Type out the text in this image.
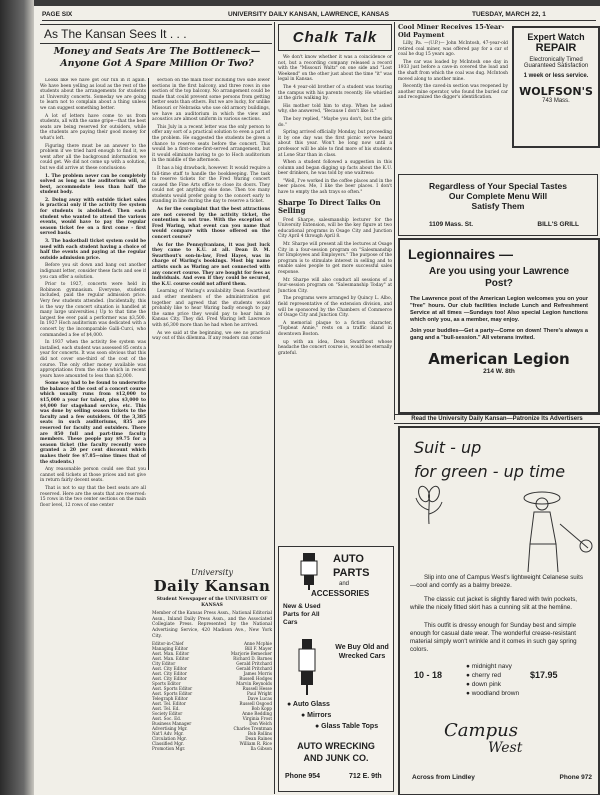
PAGE SIX	UNIVERSITY DAILY KANSAN, LAWRENCE, KANSAS	TUESDAY, MARCH 22, 1
As The Kansan Sees It . . .
Money and Seats Are The Bottleneck— Anyone Got A Spare Million Or Two?

Looks like we have got our fun in it again. We have been yelling as loud as the rest of the students about the arrangements for students at University concerts. Someday we are going to learn not to complain about a thing unless we can suggest something better.

A lot of letters have come to us from students, all with the same gripe—that the best seats are being reserved for outsiders, while the students are paying their good money for what's left.

Figuring there must be an answer to the problem if we tried hard enough to find it, we went after all the background information we could get. We did not come up with a solution, but we did arrive at these conclusions:

1. The problem never can be completely solved as long as the auditorium will, at best, accommodate less than half the student body.

2. Doing away with outside ticket sales is practical only if the activity fee system for students is abolished. Then each student who wanted to attend the various events, would have to pay the regular season ticket fee on a first come - first served basis.

3. The basketball ticket system could be used with each student having a choice of half the events and paying at the regular outside admission price.

Before you sit down and bang out another indignant letter, consider these facts and see if you can offer a solution.

Prior to 1927, concerts were held in Robinson gymnasium. Everyone, students included, paid the regular admission price. Very few students attended. (Incidentally, this is the way the concert situation is handled at many large universities.) Up to that time the largest fee ever paid a performer was $3,500. In 1927 Hoch auditorium was dedicated with a concert by the incomparable Galli-Curci, who commanded a fee of $4,000.

In 1937 when the activity fee system was installed, each student was assessed 85 cents a year for concerts. It was soon obvious that this did not cover one-third of the cost of the course. The only other money available was appropriations from the state which in recent years have amounted to less than $2,000.

Some way had to be found to underwrite the balance of the cost of a concert course which usually runs from $12,000 to $15,000 a year for talent, plus $3,000 to $4,000 for stagehand service, etc. This was done by selling season tickets to the faculty and a few outsiders. Of the 3,385 seats in such auditoriums, 835 are reserved for faculty and outsiders. There are 850 full and part-time faculty members. These people pay $9.75 for a season ticket (the faculty recently were granted a 20 per cent discount which makes their fee $7.85—nine times that of the students.)

Any reasonable person could see that you cannot sell tickets at those prices and not give in return fairly decent seats.

That is not to say that the best seats are all reserved. Here are the seats that are reserved: 15 rows in the two center sections on the main floor level, 12 rows of one center

section on the main floor including two side lower sections in the first balcony, and three rows in one section of the top balcony. No arrangement could be made that could prevent some persons from getting better seats than others. But we are lucky, for unlike Missouri or Nebraska who use old armory buildings, we have an auditorium in which the view and acoustics are almost uniform in various sections.

This July in a recent letter was the only person to offer any sort of a practical solution to even a part of the problem. He suggested the students be given a chance to reserve seats before the concert. This would be a first-come-first-served arrangement, but it would eliminate having to go to Hoch auditorium in the middle of the afternoon.

It has a big drawback, however. It would require a full-time staff to handle the bookkeeping. The task to reserve tickets for the Fred Waring concert caused the Fine Arts office to close its doors. They could not get anything else done. Then too many students would prefer going to the concert early to standing in line during the day to reserve a ticket.

As for the complaint that the best attractions are not covered by the activity ticket, the contention is not true. With the exception of Fred Waring, what event can you name that would compare with those offered on the concert course?

As for the Pennsylvanians, it was just luck they came to K.U. at all. Dean D. M. Swarthout's son-in-law, Fred Hayes, was in charge of Waring's bookings. Most big name artists such as Waring are not connected with any concert course. They are bought for fees as individuals. And even if they could be secured, the K.U. course could not afford them.

Learning of Waring's availability Dean Swarthout and other members of the administration got together and agreed that the students would probably like to hear Waring badly enough to pay the same price they would pay to hear him in Kansas City. They did. Fred Waring left Lawrence with $6,300 more than he had when he arrived.

As we said at the beginning, we see no practical way out of this dilemma. If any readers can come

University
Daily Kansan
Student Newspaper of the UNIVERSITY OF KANSAS
Member of the Kansas Press Assn., National Editorial Assn., Inland Daily Press Assn., and the Associated Collegiate Press. Represented by the National Advertising Service, 420 Madison Ave., New York City.
Editor-in-Chief	Anne Mcphie
Managing Editor	Bill F. Mayer
Asst. Man. Editor	Marjorie Bemecker
Asst. Man. Editor	Richard D. Barnes
City Editor	Gerald Pritchard
Asst. City Editor	Gerald Pritchard
Asst. City Editor	James Morris
Asst. City Editor	Russell Hodges
Sports Editor	Marvin Reynolds
Asst. Sports Editor	Russell Hesse
Asst. Sports Editor	Paul Wright
Telegraph Editor	Dave Lucas
Asst. Tel. Editor	Russell Osgood
Asst. Tel. Ed.	Bob Kopp
Society Editor	Anne Redding
Asst. Soc. Ed.	Virginia Frost
Business Manager	Don Welch
Advertising Mgr.	Charles Trentman
Nat'l Adv. Mgr.	Bob Rollins
Circulation Mgr.	Dean Raines
Classified Mgr.	William R. Rice
Promotion Mgr.	Ila Gibson
Chalk Talk

We don't know whether it was a coincidence or not, but a recording company released a record with the "Missouri Waltz" on one side and "Lost Weekend" on the other just about the time "it" was legal in Kansas.

The 4 year-old brother of a student was touring the campus with his parents recently. He whistled at the girls walking by.

His mother told him to stop. When he asked why, she answered, "Because I don't like it."

The boy replied, "Maybe you don't, but the girls do."

Spring arrived officially Monday, but proceeding it by one day was the first picnic we've heard about this year. Won't be long now until a professor will be able to find more of his students at Lone Star than in class.

When a student followed a suggestion in this column and began digging up facts about the K.U. beer drinkers, he was told by one waitress:

"Well, I've worked in the coffee places and in the beer places. Me, I like the beer places. I don't have to empty the ash trays so often."

Sharpe To Direct Talks On Selling

Fred Sharpe, salesmanship lecturer for the University Extension, will be the key figure at two educational programs in Osage City and Junction City April 4 through April 8.

Mr. Sharpe will present all the lectures at Osage City in a four-session program on "Salesmanship for Employees and Employers." The purpose of the program is to stimulate interest in selling and to enable sales people to get more successful sales response.

Mr. Sharpe will also conduct all sessions of a four-session program on "Salesmanship Today" at Junction City.

The programs were arranged by Quincy L. Albo, field representative of the extension division, and will be sponsored by the Chambers of Commerce of Osage City and Junction City.

A memorial plaque to a fiction character, "Topbeat Annie," rests on a traffic island in downtown Boston.

up with an idea, Dean Swarthout whose headache the concert course is, would be eternally grateful.

AUTO
PARTS
and
ACCESSORIES
New & Used Parts for All Cars
We Buy Old and Wrecked Cars
● Auto Glass
● Mirrors
● Glass Table Tops
AUTO WRECKING
AND JUNK CO.
Phone 954	712 E. 9th
Cool Miner Receives 15-Year-Old Payment

Lilly, Pa. —(U.P.)— John McIntosh, 47-year-old retired coal miner, was offered pay for a car of coal he dug 15 years ago.

The car was loaded by McIntosh one day in 1933 just before a cave-in covered the load and the shaft from which the coal was dug. McIntosh moved along to another mine.

Recently the caved-in section was reopened by another mine operator, who found the buried car and recognized the digger's identification.

Expert Watch
REPAIR
Electronically Timed
Guaranteed Satisfaction
1 week or less service.
WOLFSON'S
743 Mass.
Regardless of Your Special Tastes
Our Complete Menu Will
Satisfy Them
1109 Mass. St.	BILL'S GRILL
Legionnaires —
Are you using your Lawrence Post?
The Lawrence post of the American Legion welcomes you on your "free" hours. Our club facilities include Lunch and Refreshment Service at all times —Sundays too! Also special Legion functions which only you, as a member, may enjoy.
Join your buddies—Get a party—Come on down! There's always a gang and a "bull-session." All veterans invited.
American Legion
214 W. 8th
Read the University Daily Kansan—Patronize Its Advertisers
Suit - up
for green - up time
Slip into one of Campus West's lightweight Celanese suits—cool and comfy as a balmy breeze.
The classic cut jacket is slightly flared with twin pockets, while the nicely fitted skirt has a cunning slit at the hemline.
This outfit is dressy enough for Sunday best and simple enough for casual date wear. The wonderful crease-resistant material simply won't wrinkle and it comes in such gay spring colors.
10 - 18
● midnight navy
● cherry red
● down pink
● woodland brown
$17.95
Campus
West
Across from Lindley	Phone 972
